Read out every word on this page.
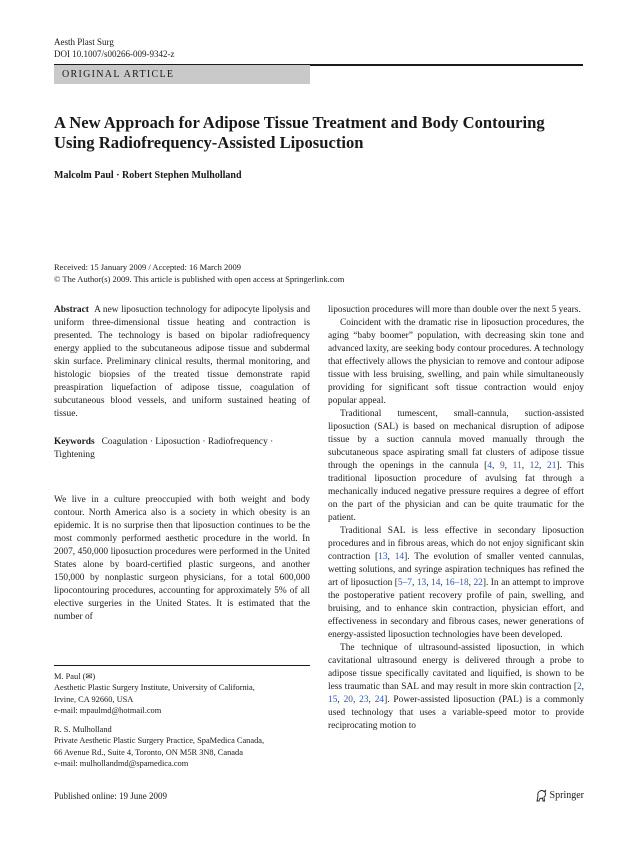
Aesth Plast Surg
DOI 10.1007/s00266-009-9342-z
ORIGINAL ARTICLE
A New Approach for Adipose Tissue Treatment and Body Contouring Using Radiofrequency-Assisted Liposuction
Malcolm Paul · Robert Stephen Mulholland
Received: 15 January 2009 / Accepted: 16 March 2009
© The Author(s) 2009. This article is published with open access at Springerlink.com

Abstract A new liposuction technology for adipocyte lipolysis and uniform three-dimensional tissue heating and contraction is presented. The technology is based on bipolar radiofrequency energy applied to the subcutaneous adipose tissue and subdermal skin surface. Preliminary clinical results, thermal monitoring, and histologic biopsies of the treated tissue demonstrate rapid preaspiration liquefaction of adipose tissue, coagulation of subcutaneous blood vessels, and uniform sustained heating of tissue.

Keywords Coagulation · Liposuction · Radiofrequency · Tightening

We live in a culture preoccupied with both weight and body contour. North America also is a society in which obesity is an epidemic. It is no surprise then that liposuction continues to be the most commonly performed aesthetic procedure in the world. In 2007, 450,000 liposuction procedures were performed in the United States alone by board-certified plastic surgeons, and another 150,000 by nonplastic surgeon physicians, for a total 600,000 lipocontouring procedures, accounting for approximately 5% of all elective surgeries in the United States. It is estimated that the number of

M. Paul (✉)
Aesthetic Plastic Surgery Institute, University of California,
Irvine, CA 92660, USA
e-mail: mpaulmd@hotmail.com
R. S. Mulholland
Private Aesthetic Plastic Surgery Practice, SpaMedica Canada,
66 Avenue Rd., Suite 4, Toronto, ON M5R 3N8, Canada
e-mail: mulhollandmd@spamedica.com

liposuction procedures will more than double over the next 5 years.

Coincident with the dramatic rise in liposuction procedures, the aging “baby boomer” population, with decreasing skin tone and advanced laxity, are seeking body contour procedures. A technology that effectively allows the physician to remove and contour adipose tissue with less bruising, swelling, and pain while simultaneously providing for significant soft tissue contraction would enjoy popular appeal.

Traditional tumescent, small-cannula, suction-assisted liposuction (SAL) is based on mechanical disruption of adipose tissue by a suction cannula moved manually through the subcutaneous space aspirating small fat clusters of adipose tissue through the openings in the cannula [4, 9, 11, 12, 21]. This traditional liposuction procedure of avulsing fat through a mechanically induced negative pressure requires a degree of effort on the part of the physician and can be quite traumatic for the patient.

Traditional SAL is less effective in secondary liposuction procedures and in fibrous areas, which do not enjoy significant skin contraction [13, 14]. The evolution of smaller vented cannulas, wetting solutions, and syringe aspiration techniques has refined the art of liposuction [5–7, 13, 14, 16–18, 22]. In an attempt to improve the postoperative patient recovery profile of pain, swelling, and bruising, and to enhance skin contraction, physician effort, and effectiveness in secondary and fibrous cases, newer generations of energy-assisted liposuction technologies have been developed.

The technique of ultrasound-assisted liposuction, in which cavitational ultrasound energy is delivered through a probe to adipose tissue specifically cavitated and liquified, is shown to be less traumatic than SAL and may result in more skin contraction [2, 15, 20, 23, 24]. Power-assisted liposuction (PAL) is a commonly used technology that uses a variable-speed motor to provide reciprocating motion to

Published online: 19 June 2009	Springer
